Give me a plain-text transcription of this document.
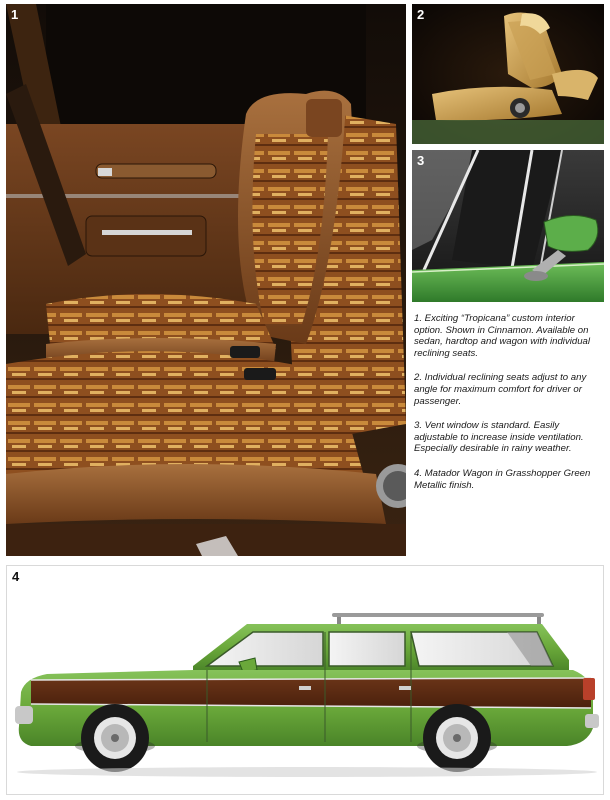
1	2
3

1. Exciting “Tropicana” custom interior option. Shown in Cinnamon. Available on sedan, hardtop and wagon with individual reclining seats.

2. Individual reclining seats adjust to any angle for maximum comfort for driver or passenger.

3. Vent window is standard. Easily adjustable to increase inside ventilation. Especially desirable in rainy weather.

4. Matador Wagon in Grasshopper Green Metallic finish.

4
